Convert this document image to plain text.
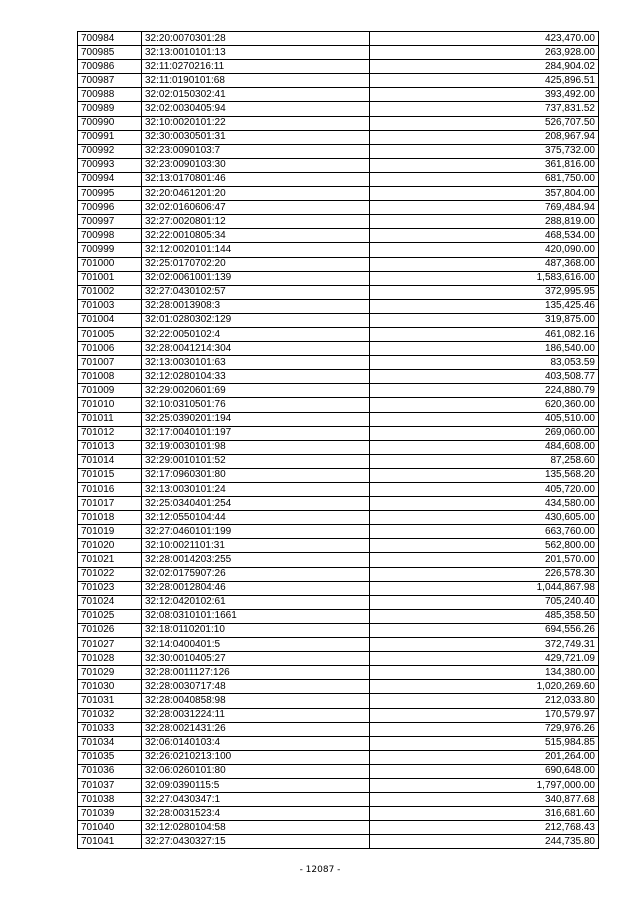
700984	32:20:0070301:28	423,470.00
700985	32:13:0010101:13	263,928.00
700986	32:11:0270216:11	284,904.02
700987	32:11:0190101:68	425,896.51
700988	32:02:0150302:41	393,492.00
700989	32:02:0030405:94	737,831.52
700990	32:10:0020101:22	526,707.50
700991	32:30:0030501:31	208,967.94
700992	32:23:0090103:7	375,732.00
700993	32:23:0090103:30	361,816.00
700994	32:13:0170801:46	681,750.00
700995	32:20:0461201:20	357,804.00
700996	32:02:0160606:47	769,484.94
700997	32:27:0020801:12	288,819.00
700998	32:22:0010805:34	468,534.00
700999	32:12:0020101:144	420,090.00
701000	32:25:0170702:20	487,368.00
701001	32:02:0061001:139	1,583,616.00
701002	32:27:0430102:57	372,995.95
701003	32:28:0013908:3	135,425.46
701004	32:01:0280302:129	319,875.00
701005	32:22:0050102:4	461,082.16
701006	32:28:0041214:304	186,540.00
701007	32:13:0030101:63	83,053.59
701008	32:12:0280104:33	403,508.77
701009	32:29:0020601:69	224,880.79
701010	32:10:0310501:76	620,360.00
701011	32:25:0390201:194	405,510.00
701012	32:17:0040101:197	269,060.00
701013	32:19:0030101:98	484,608.00
701014	32:29:0010101:52	87,258.60
701015	32:17:0960301:80	135,568.20
701016	32:13:0030101:24	405,720.00
701017	32:25:0340401:254	434,580.00
701018	32:12:0550104:44	430,605.00
701019	32:27:0460101:199	663,760.00
701020	32:10:0021101:31	562,800.00
701021	32:28:0014203:255	201,570.00
701022	32:02:0175907:26	226,578.30
701023	32:28:0012804:46	1,044,867.98
701024	32:12:0420102:61	705,240.40
701025	32:08:0310101:1661	485,358.50
701026	32:18:0110201:10	694,556.26
701027	32:14:0400401:5	372,749.31
701028	32:30:0010405:27	429,721.09
701029	32:28:0011127:126	134,380.00
701030	32:28:0030717:48	1,020,269.60
701031	32:28:0040858:98	212,033.80
701032	32:28:0031224:11	170,579.97
701033	32:28:0021431:26	729,976.26
701034	32:06:0140103:4	515,984.85
701035	32:26:0210213:100	201,264.00
701036	32:06:0260101:80	690,648.00
701037	32:09:0390115:5	1,797,000.00
701038	32:27:0430347:1	340,877.68
701039	32:28:0031523:4	316,681.60
701040	32:12:0280104:58	212,768.43
701041	32:27:0430327:15	244,735.80
- 12087 -
